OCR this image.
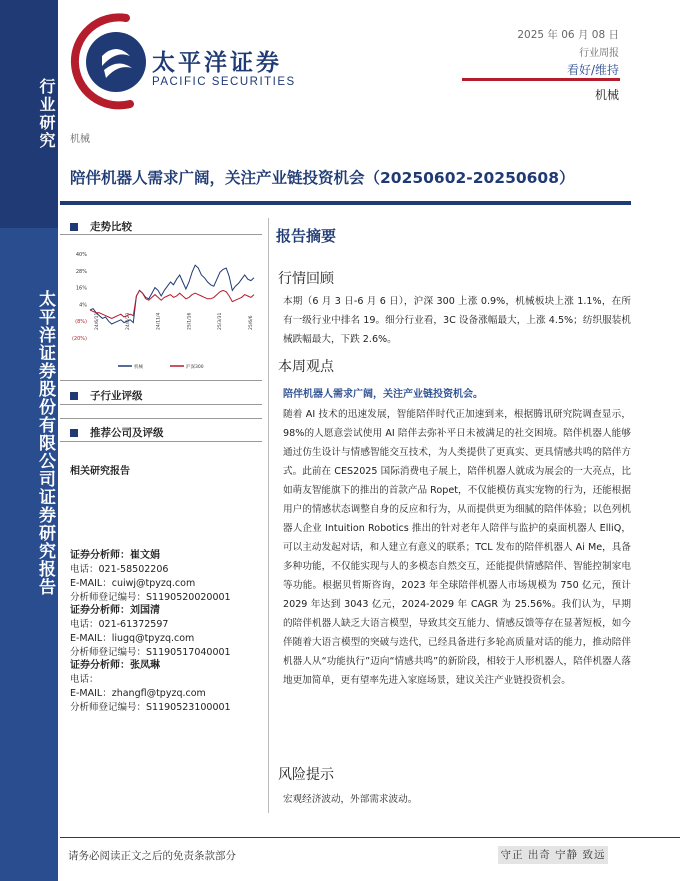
行业研究
太平洋证券股份有限公司证券研究报告
太平洋证券
PACIFIC SECURITIES
2025 年 06 月 08 日
行业周报
看好/维持
机械
机械
陪伴机器人需求广阔，关注产业链投资机会（20250602-20250608）
走势比较
40%
28%
16%
4%
(8%)
(20%)
24/6/11	24/8/23	24/11/4	25/1/16	25/3/31	25/6/6
机械	沪深300
子行业评级
推荐公司及评级
相关研究报告
证券分析师：崔文娟
电话：021-58502206
E-MAIL：cuiwj@tpyzq.com
分析师登记编号：S1190520020001
证券分析师：刘国清
电话：021-61372597
E-MAIL：liugq@tpyzq.com
分析师登记编号：S1190517040001
证券分析师：张凤琳
电话：
E-MAIL：zhangfl@tpyzq.com
分析师登记编号：S1190523100001
报告摘要
行情回顾
本期（6 月 3 日-6 月 6 日），沪深 300 上涨 0.9%，机械板块上涨 1.1%，在所有一级行业中排名 19。细分行业看，3C 设备涨幅最大，上涨 4.5%；纺织服装机械跌幅最大，下跌 2.6%。
本周观点
陪伴机器人需求广阔，关注产业链投资机会。
随着 AI 技术的迅速发展，智能陪伴时代正加速到来，根据腾讯研究院调查显示，98%的人愿意尝试使用 AI 陪伴去弥补平日未被满足的社交困境。陪伴机器人能够通过仿生设计与情感智能交互技术，为人类提供了更真实、更具情感共鸣的陪伴方式。此前在 CES2025 国际消费电子展上，陪伴机器人就成为展会的一大亮点，比如萌友智能旗下的推出的首款产品 Ropet，不仅能模仿真实宠物的行为，还能根据用户的情感状态调整自身的反应和行为，从而提供更为细腻的陪伴体验；以色列机器人企业 Intuition Robotics 推出的针对老年人陪伴与监护的桌面机器人 ElliQ，可以主动发起对话，和人建立有意义的联系；TCL 发布的陪伴机器人 Ai Me，具备多种功能，不仅能实现与人的多模态自然交互，还能提供情感陪伴、智能控制家电等功能。根据贝哲斯咨询，2023 年全球陪伴机器人市场规模为 750 亿元，预计 2029 年达到 3043 亿元，2024-2029 年 CAGR 为 25.56%。我们认为，早期的陪伴机器人缺乏大语言模型，导致其交互能力、情感反馈等存在显著短板，如今伴随着大语言模型的突破与迭代，已经具备进行多轮高质量对话的能力，推动陪伴机器人从“功能执行”迈向“情感共鸣”的新阶段，相较于人形机器人，陪伴机器人落地更加简单，更有望率先进入家庭场景，建议关注产业链投资机会。
风险提示
宏观经济波动，外部需求波动。
请务必阅读正文之后的免责条款部分	守正 出奇 宁静 致远
